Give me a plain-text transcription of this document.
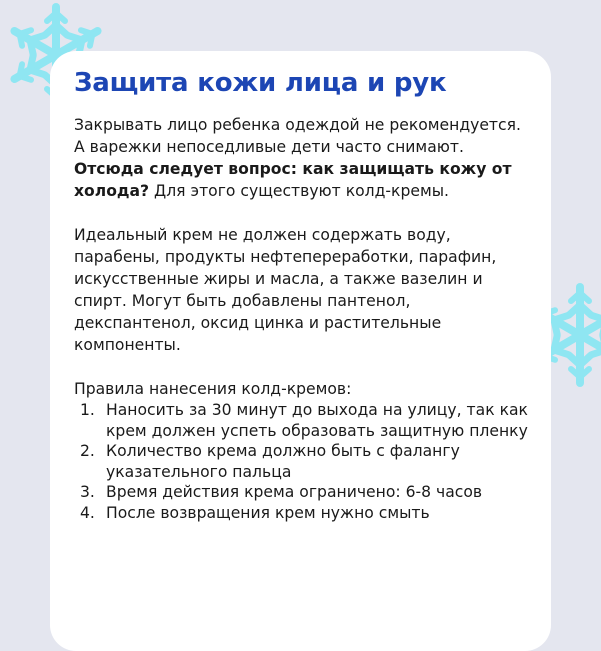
Защита кожи лица и рук

Закрывать лицо ребенка одеждой не рекомендуется. А варежки непоседливые дети часто снимают. Отсюда следует вопрос: как защищать кожу от холода? Для этого существуют колд-кремы.

Идеальный крем не должен содержать воду, парабены, продукты нефтепереработки, парафин, искусственные жиры и масла, а также вазелин и спирт. Могут быть добавлены пантенол, декспантенол, оксид цинка и растительные компоненты.

Правила нанесения колд-кремов:

1. Наносить за 30 минут до выхода на улицу, так как крем должен успеть образовать защитную пленку
2. Количество крема должно быть с фалангу указательного пальца
3. Время действия крема ограничено: 6-8 часов
4. После возвращения крем нужно смыть
